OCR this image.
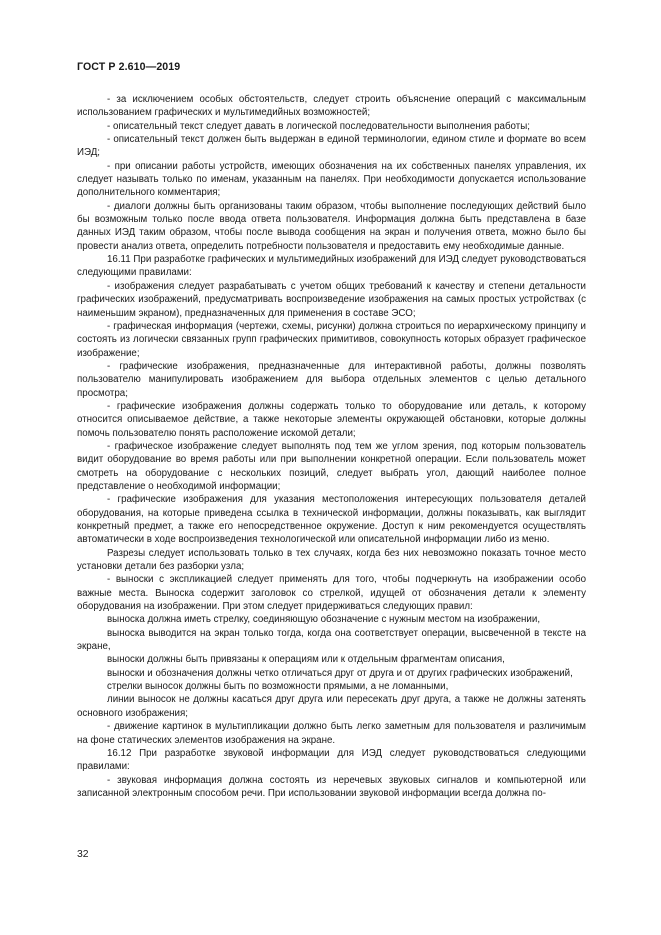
ГОСТ Р 2.610—2019

- за исключением особых обстоятельств, следует строить объяснение операций с максимальным использованием графических и мультимедийных возможностей;

- описательный текст следует давать в логической последовательности выполнения работы;

- описательный текст должен быть выдержан в единой терминологии, едином стиле и формате во всем ИЭД;

- при описании работы устройств, имеющих обозначения на их собственных панелях управления, их следует называть только по именам, указанным на панелях. При необходимости допускается использование дополнительного комментария;

- диалоги должны быть организованы таким образом, чтобы выполнение последующих действий было бы возможным только после ввода ответа пользователя. Информация должна быть представлена в базе данных ИЭД таким образом, чтобы после вывода сообщения на экран и получения ответа, можно было бы провести анализ ответа, определить потребности пользователя и предоставить ему необходимые данные.

16.11 При разработке графических и мультимедийных изображений для ИЭД следует руководствоваться следующими правилами:

- изображения следует разрабатывать с учетом общих требований к качеству и степени детальности графических изображений, предусматривать воспроизведение изображения на самых простых устройствах (с наименьшим экраном), предназначенных для применения в составе ЭСО;

- графическая информация (чертежи, схемы, рисунки) должна строиться по иерархическому принципу и состоять из логически связанных групп графических примитивов, совокупность которых образует графическое изображение;

- графические изображения, предназначенные для интерактивной работы, должны позволять пользователю манипулировать изображением для выбора отдельных элементов с целью детального просмотра;

- графические изображения должны содержать только то оборудование или деталь, к которому относится описываемое действие, а также некоторые элементы окружающей обстановки, которые должны помочь пользователю понять расположение искомой детали;

- графическое изображение следует выполнять под тем же углом зрения, под которым пользователь видит оборудование во время работы или при выполнении конкретной операции. Если пользователь может смотреть на оборудование с нескольких позиций, следует выбрать угол, дающий наиболее полное представление о необходимой информации;

- графические изображения для указания местоположения интересующих пользователя деталей оборудования, на которые приведена ссылка в технической информации, должны показывать, как выглядит конкретный предмет, а также его непосредственное окружение. Доступ к ним рекомендуется осуществлять автоматически в ходе воспроизведения технологической или описательной информации либо из меню.

Разрезы следует использовать только в тех случаях, когда без них невозможно показать точное место установки детали без разборки узла;

- выноски с экспликацией следует применять для того, чтобы подчеркнуть на изображении особо важные места. Выноска содержит заголовок со стрелкой, идущей от обозначения детали к элементу оборудования на изображении. При этом следует придерживаться следующих правил:

выноска должна иметь стрелку, соединяющую обозначение с нужным местом на изображении,

выноска выводится на экран только тогда, когда она соответствует операции, высвеченной в тексте на экране,

выноски должны быть привязаны к операциям или к отдельным фрагментам описания,

выноски и обозначения должны четко отличаться друг от друга и от других графических изображений,

стрелки выносок должны быть по возможности прямыми, а не ломанными,

линии выносок не должны касаться друг друга или пересекать друг друга, а также не должны затенять основного изображения;

- движение картинок в мультипликации должно быть легко заметным для пользователя и различимым на фоне статических элементов изображения на экране.

16.12 При разработке звуковой информации для ИЭД следует руководствоваться следующими правилами:

- звуковая информация должна состоять из неречевых звуковых сигналов и компьютерной или записанной электронным способом речи. При использовании звуковой информации всегда должна по-

32
